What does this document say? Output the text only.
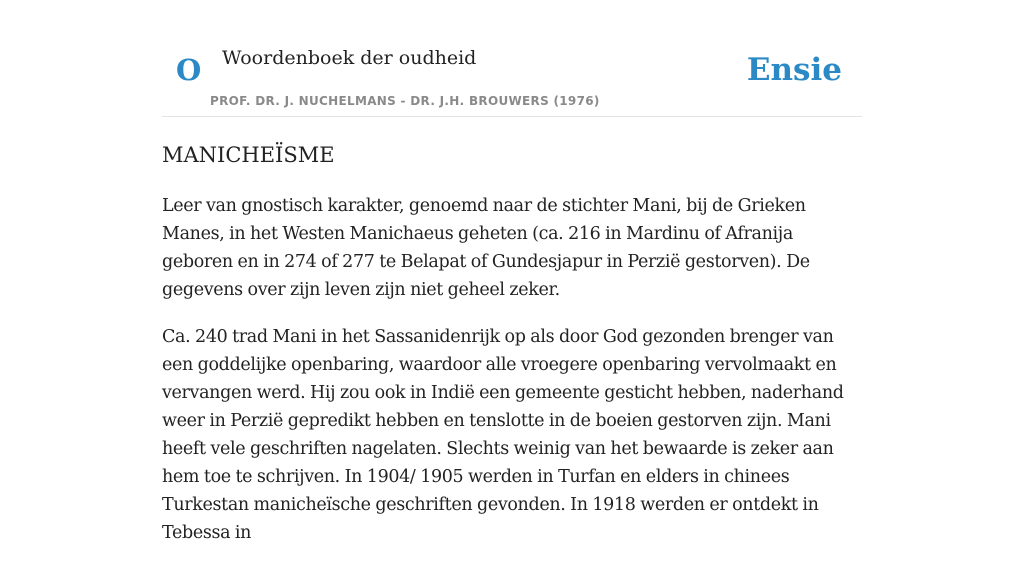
O Woordenboek der oudheid
PROF. DR. J. NUCHELMANS - DR. J.H. BROUWERS (1976)
Ensie
MANICHEÏSME

Leer van gnostisch karakter, genoemd naar de stichter Mani, bij de Grieken Manes, in het Westen Manichaeus geheten (ca. 216 in Mardinu of Afranija geboren en in 274 of 277 te Belapat of Gundesjapur in Perzië gestorven). De gegevens over zijn leven zijn niet geheel zeker.

Ca. 240 trad Mani in het Sassanidenrijk op als door God gezonden brenger van een goddelijke openbaring, waardoor alle vroegere openbaring vervolmaakt en vervangen werd. Hij zou ook in Indië een gemeente gesticht hebben, naderhand weer in Perzië gepredikt hebben en tenslotte in de boeien gestorven zijn. Mani heeft vele geschriften nagelaten. Slechts weinig van het bewaarde is zeker aan hem toe te schrijven. In 1904/ 1905 werden in Turfan en elders in chinees Turkestan manicheïsche geschriften gevonden. In 1918 werden er ontdekt in Tebessa in
